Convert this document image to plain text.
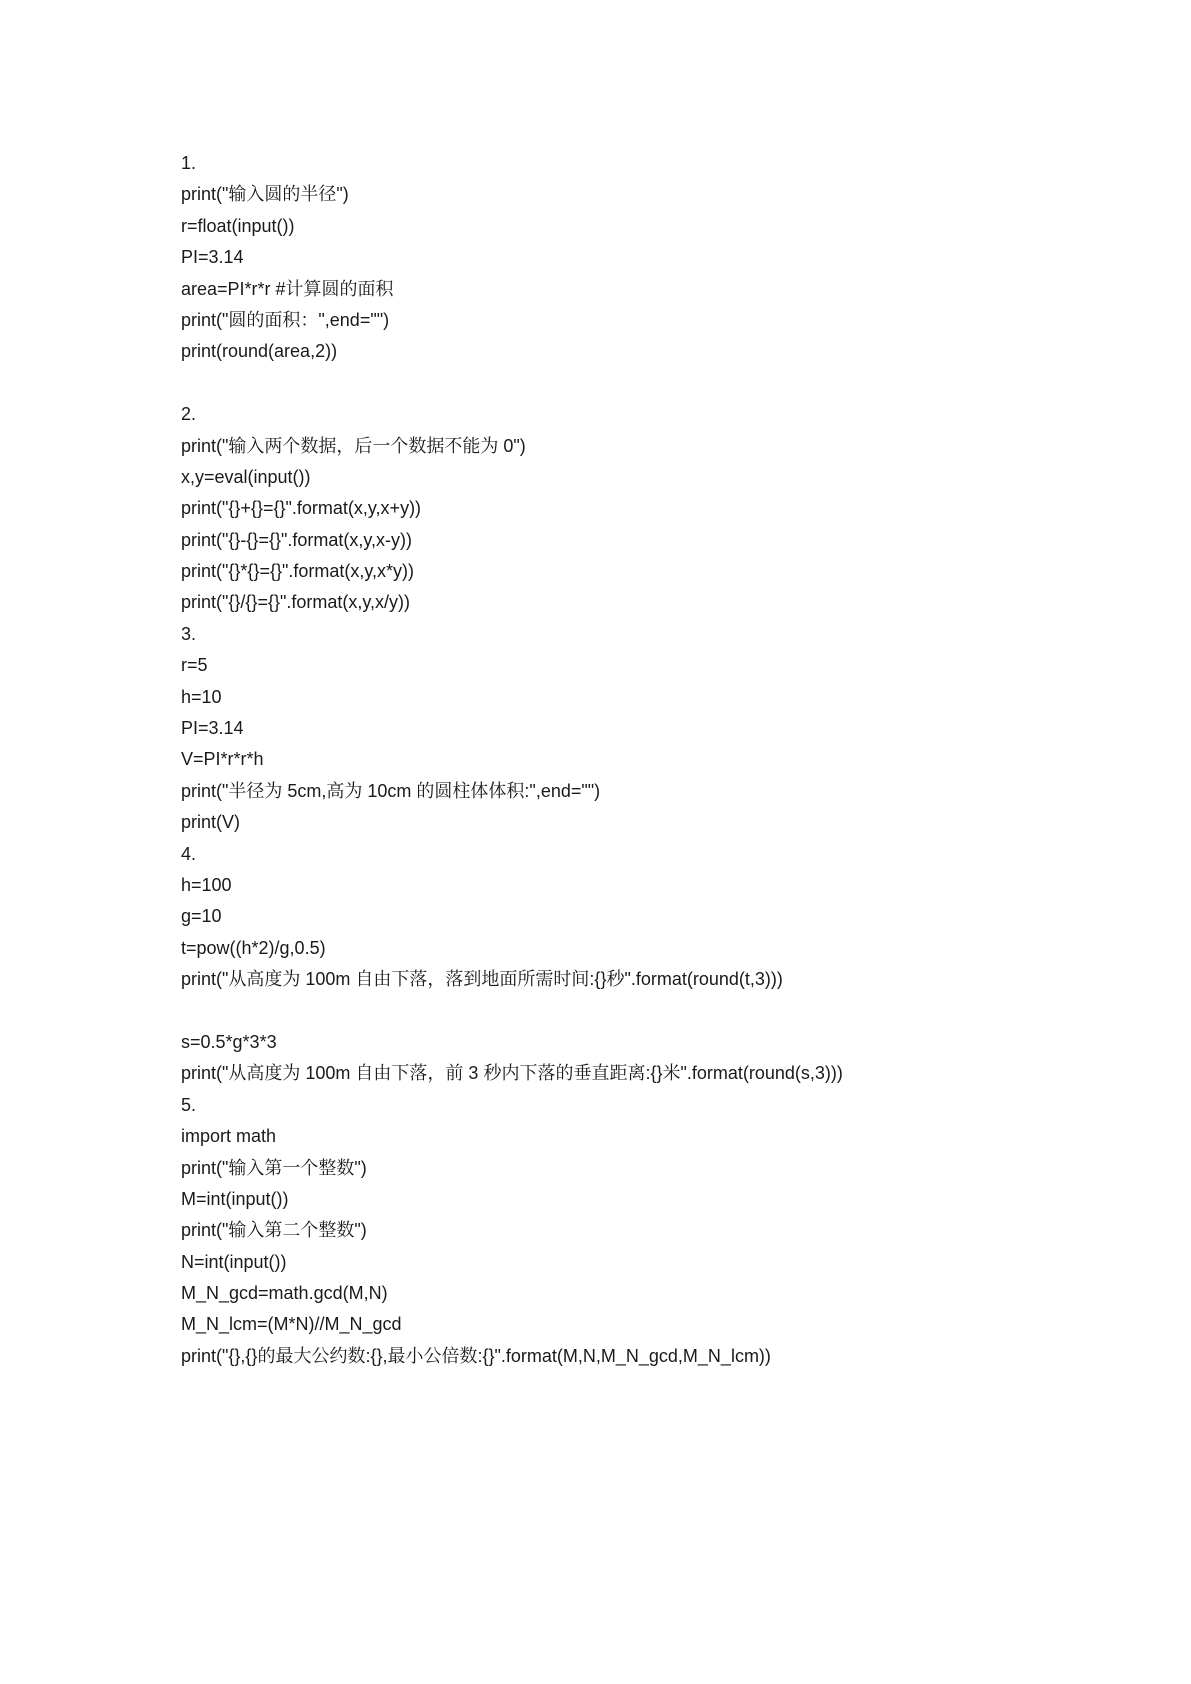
1.
print("输入圆的半径")
r=float(input())
PI=3.14
area=PI*r*r #计算圆的面积
print("圆的面积：",end="")
print(round(area,2))
2.
print("输入两个数据，后一个数据不能为 0")
x,y=eval(input())
print("{}+{}={}".format(x,y,x+y))
print("{}-{}={}".format(x,y,x-y))
print("{}*{}={}".format(x,y,x*y))
print("{}/{}={}".format(x,y,x/y))
3.
r=5
h=10
PI=3.14
V=PI*r*r*h
print("半径为 5cm,高为 10cm 的圆柱体体积:",end="")
print(V)
4.
h=100
g=10
t=pow((h*2)/g,0.5)
print("从高度为 100m 自由下落，落到地面所需时间:{}秒".format(round(t,3)))
s=0.5*g*3*3
print("从高度为 100m 自由下落，前 3 秒内下落的垂直距离:{}米".format(round(s,3)))
5.
import math
print("输入第一个整数")
M=int(input())
print("输入第二个整数")
N=int(input())
M_N_gcd=math.gcd(M,N)
M_N_lcm=(M*N)//M_N_gcd
print("{},{}的最大公约数:{},最小公倍数:{}".format(M,N,M_N_gcd,M_N_lcm))
